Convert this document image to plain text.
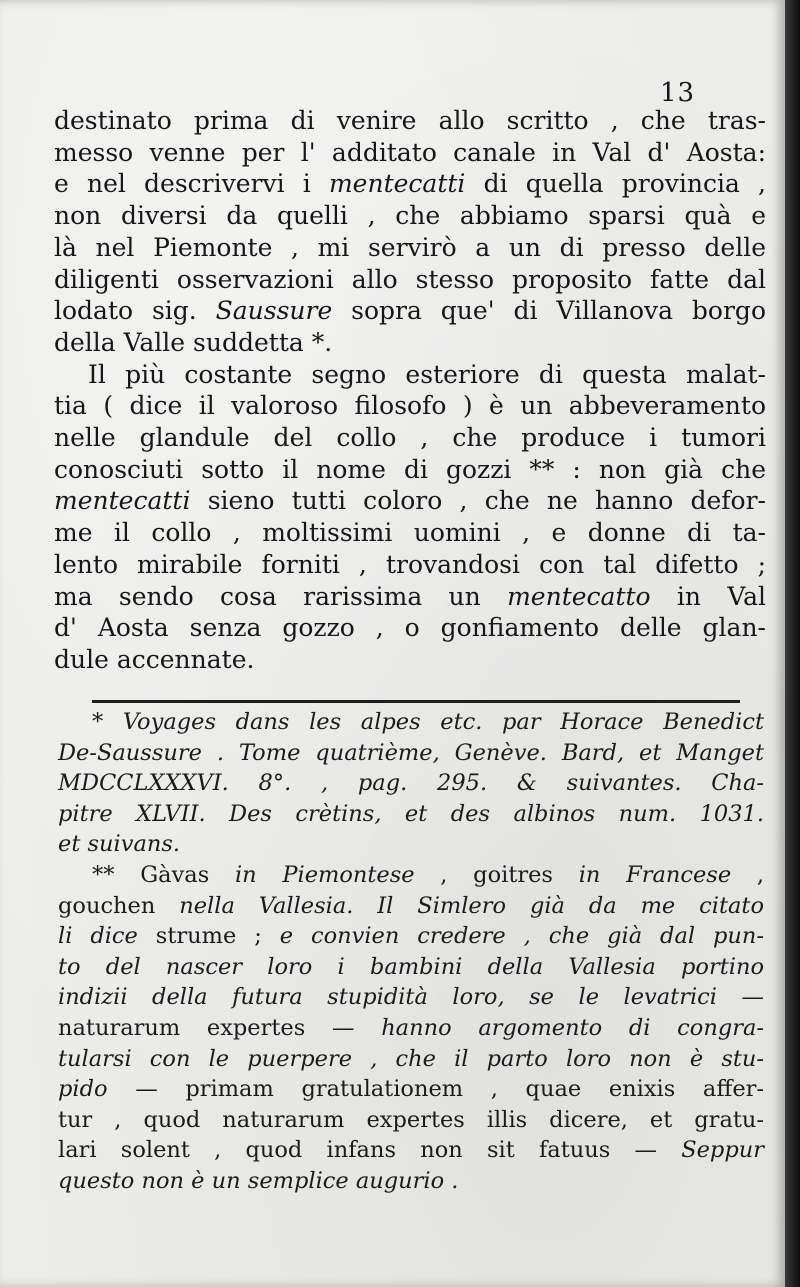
13
destinato prima di venire allo scritto , che tras-
messo venne per l' additato canale in Val d' Aosta:
e nel descrivervi i mentecatti di quella provincia ,
non diversi da quelli , che abbiamo sparsi quà e
là nel Piemonte , mi servirò a un di presso delle
diligenti osservazioni allo stesso proposito fatte dal
lodato sig. Saussure sopra que' di Villanova borgo
della Valle suddetta *.
Il più costante segno esteriore di questa malat-
tia ( dice il valoroso filosofo ) è un abbeveramento
nelle glandule del collo , che produce i tumori
conosciuti sotto il nome di gozzi ** : non già che
mentecatti sieno tutti coloro , che ne hanno defor-
me il collo , moltissimi uomini , e donne di ta-
lento mirabile forniti , trovandosi con tal difetto ;
ma sendo cosa rarissima un mentecatto in Val
d' Aosta senza gozzo , o gonfiamento delle glan-
dule accennate.
* Voyages dans les alpes etc. par Horace Benedict
De-Saussure . Tome quatrième, Genève. Bard, et Manget
MDCCLXXXVI. 8°. , pag. 295. & suivantes. Cha-
pitre XLVII. Des crètins, et des albinos num. 1031.
et suivans.
** Gàvas in Piemontese , goitres in Francese ,
gouchen nella Vallesia. Il Simlero già da me citato
li dice strume ; e convien credere , che già dal pun-
to del nascer loro i bambini della Vallesia portino
indizii della futura stupidità loro, se le levatrici —
naturarum expertes — hanno argomento di congra-
tularsi con le puerpere , che il parto loro non è stu-
pido — primam gratulationem , quae enixis affer-
tur , quod naturarum expertes illis dicere, et gratu-
lari solent , quod infans non sit fatuus — Seppur
questo non è un semplice augurio .
